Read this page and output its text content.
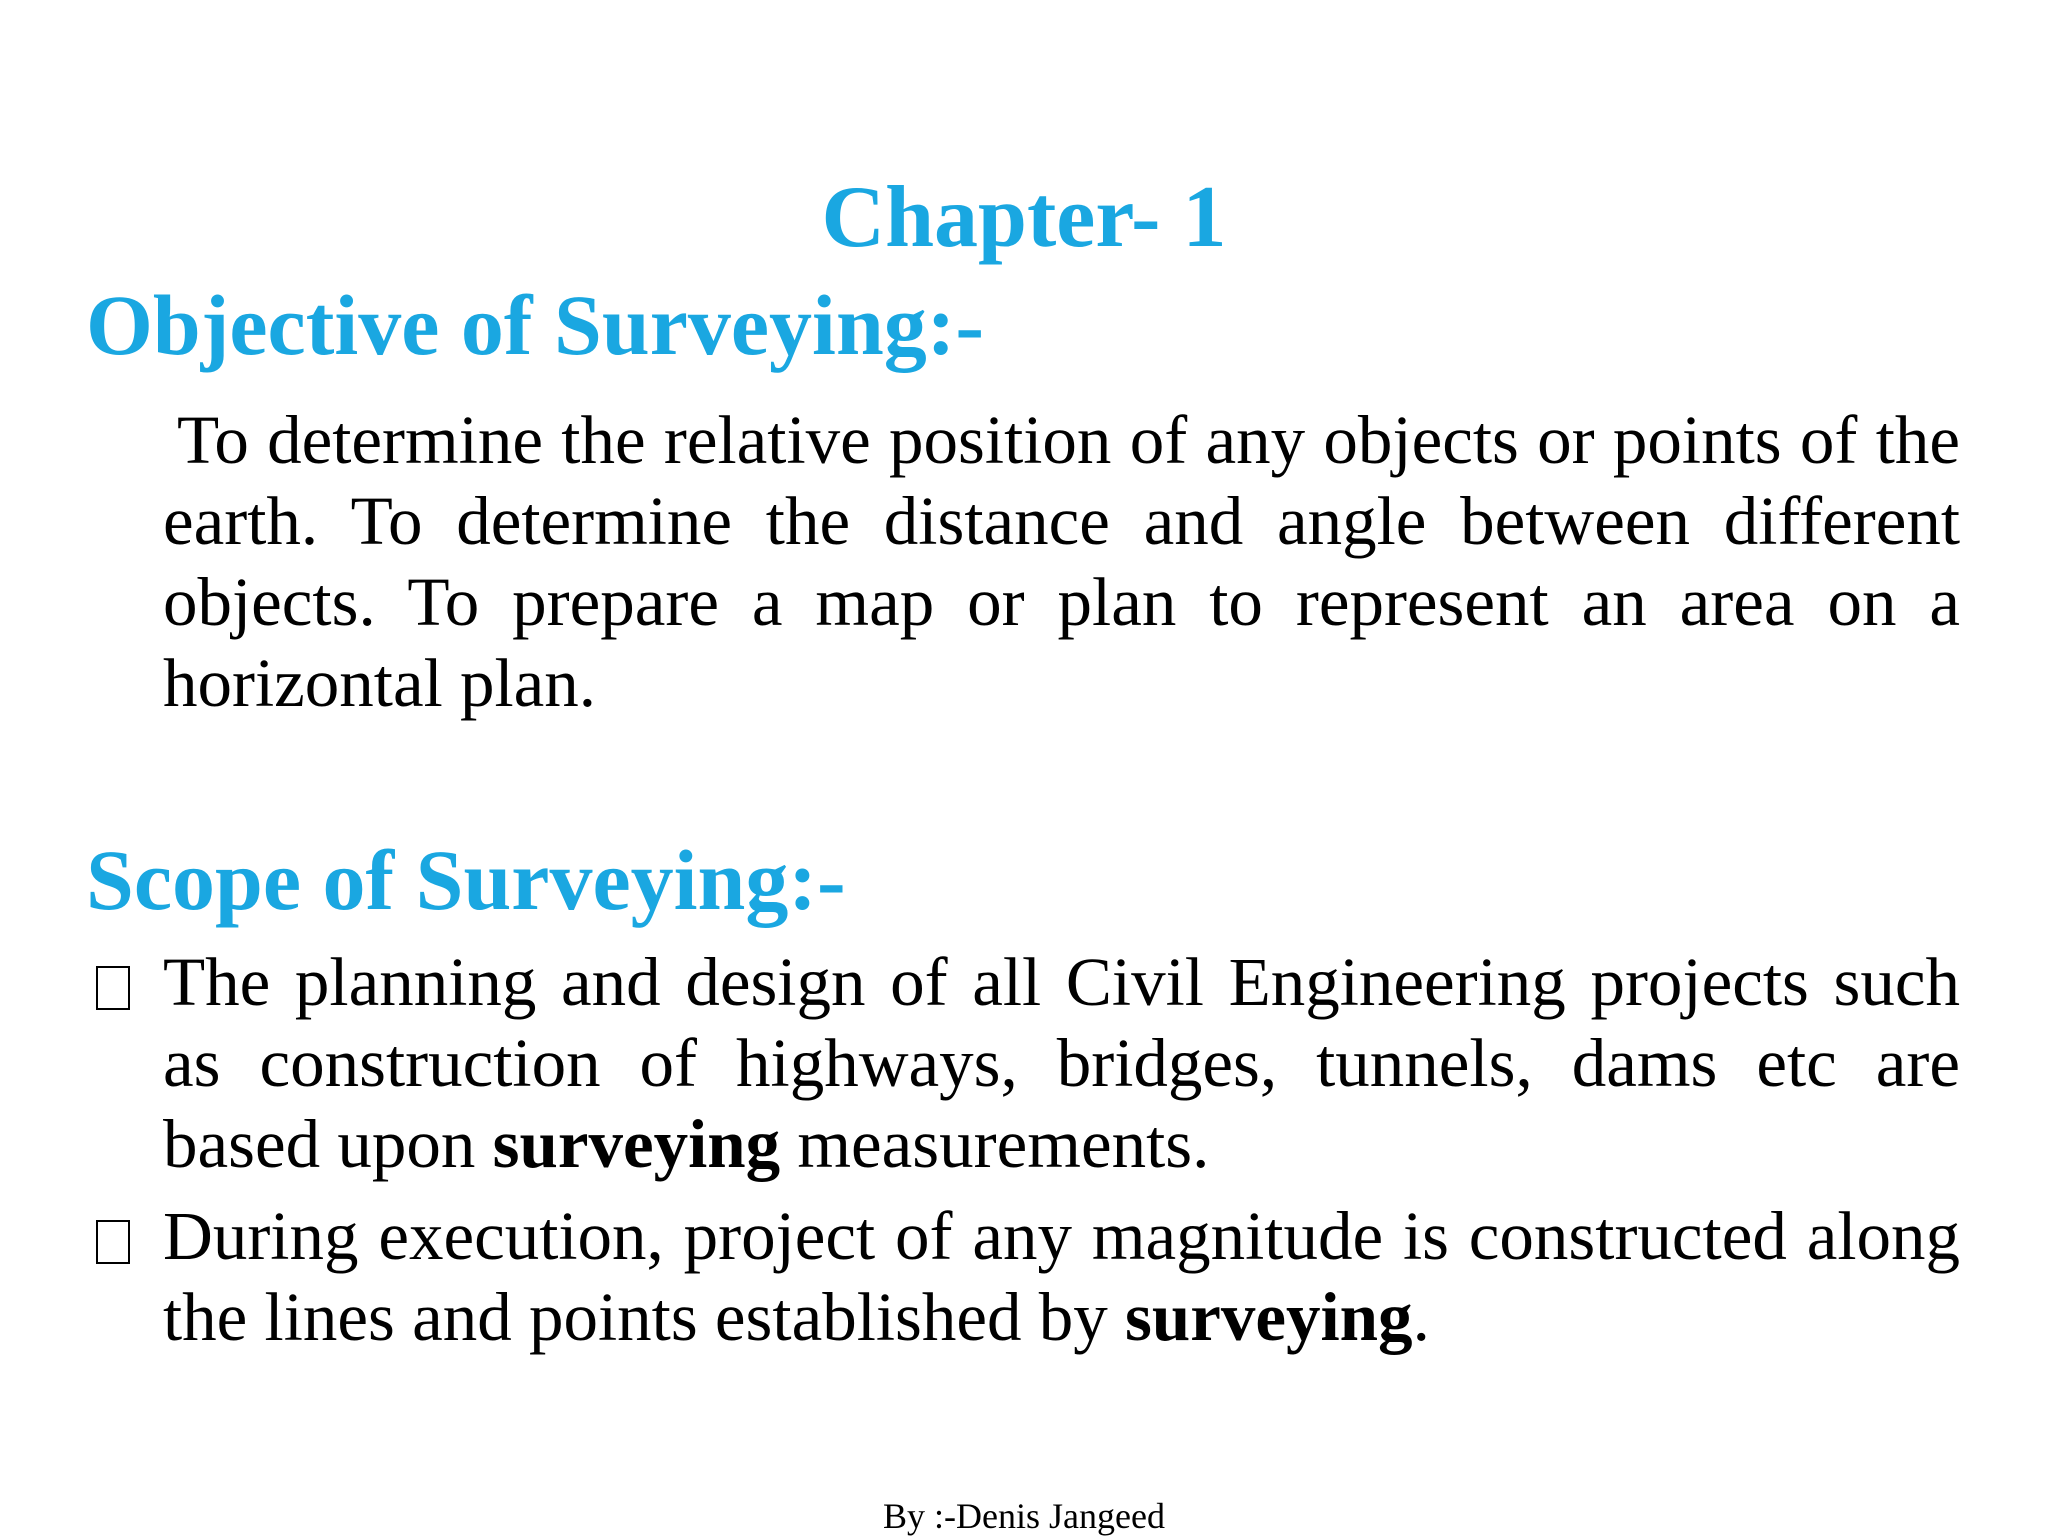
Chapter- 1
Objective of Surveying:-
To determine the relative position of any objects or points of the earth. To determine the distance and angle between different objects. To prepare a map or plan to represent an area on a horizontal plan.
Scope of Surveying:-
The planning and design of all Civil Engineering projects such as construction of highways, bridges, tunnels, dams etc are based upon surveying measurements.
During execution, project of any magnitude is constructed along the lines and points established by surveying.
By :-Denis Jangeed
